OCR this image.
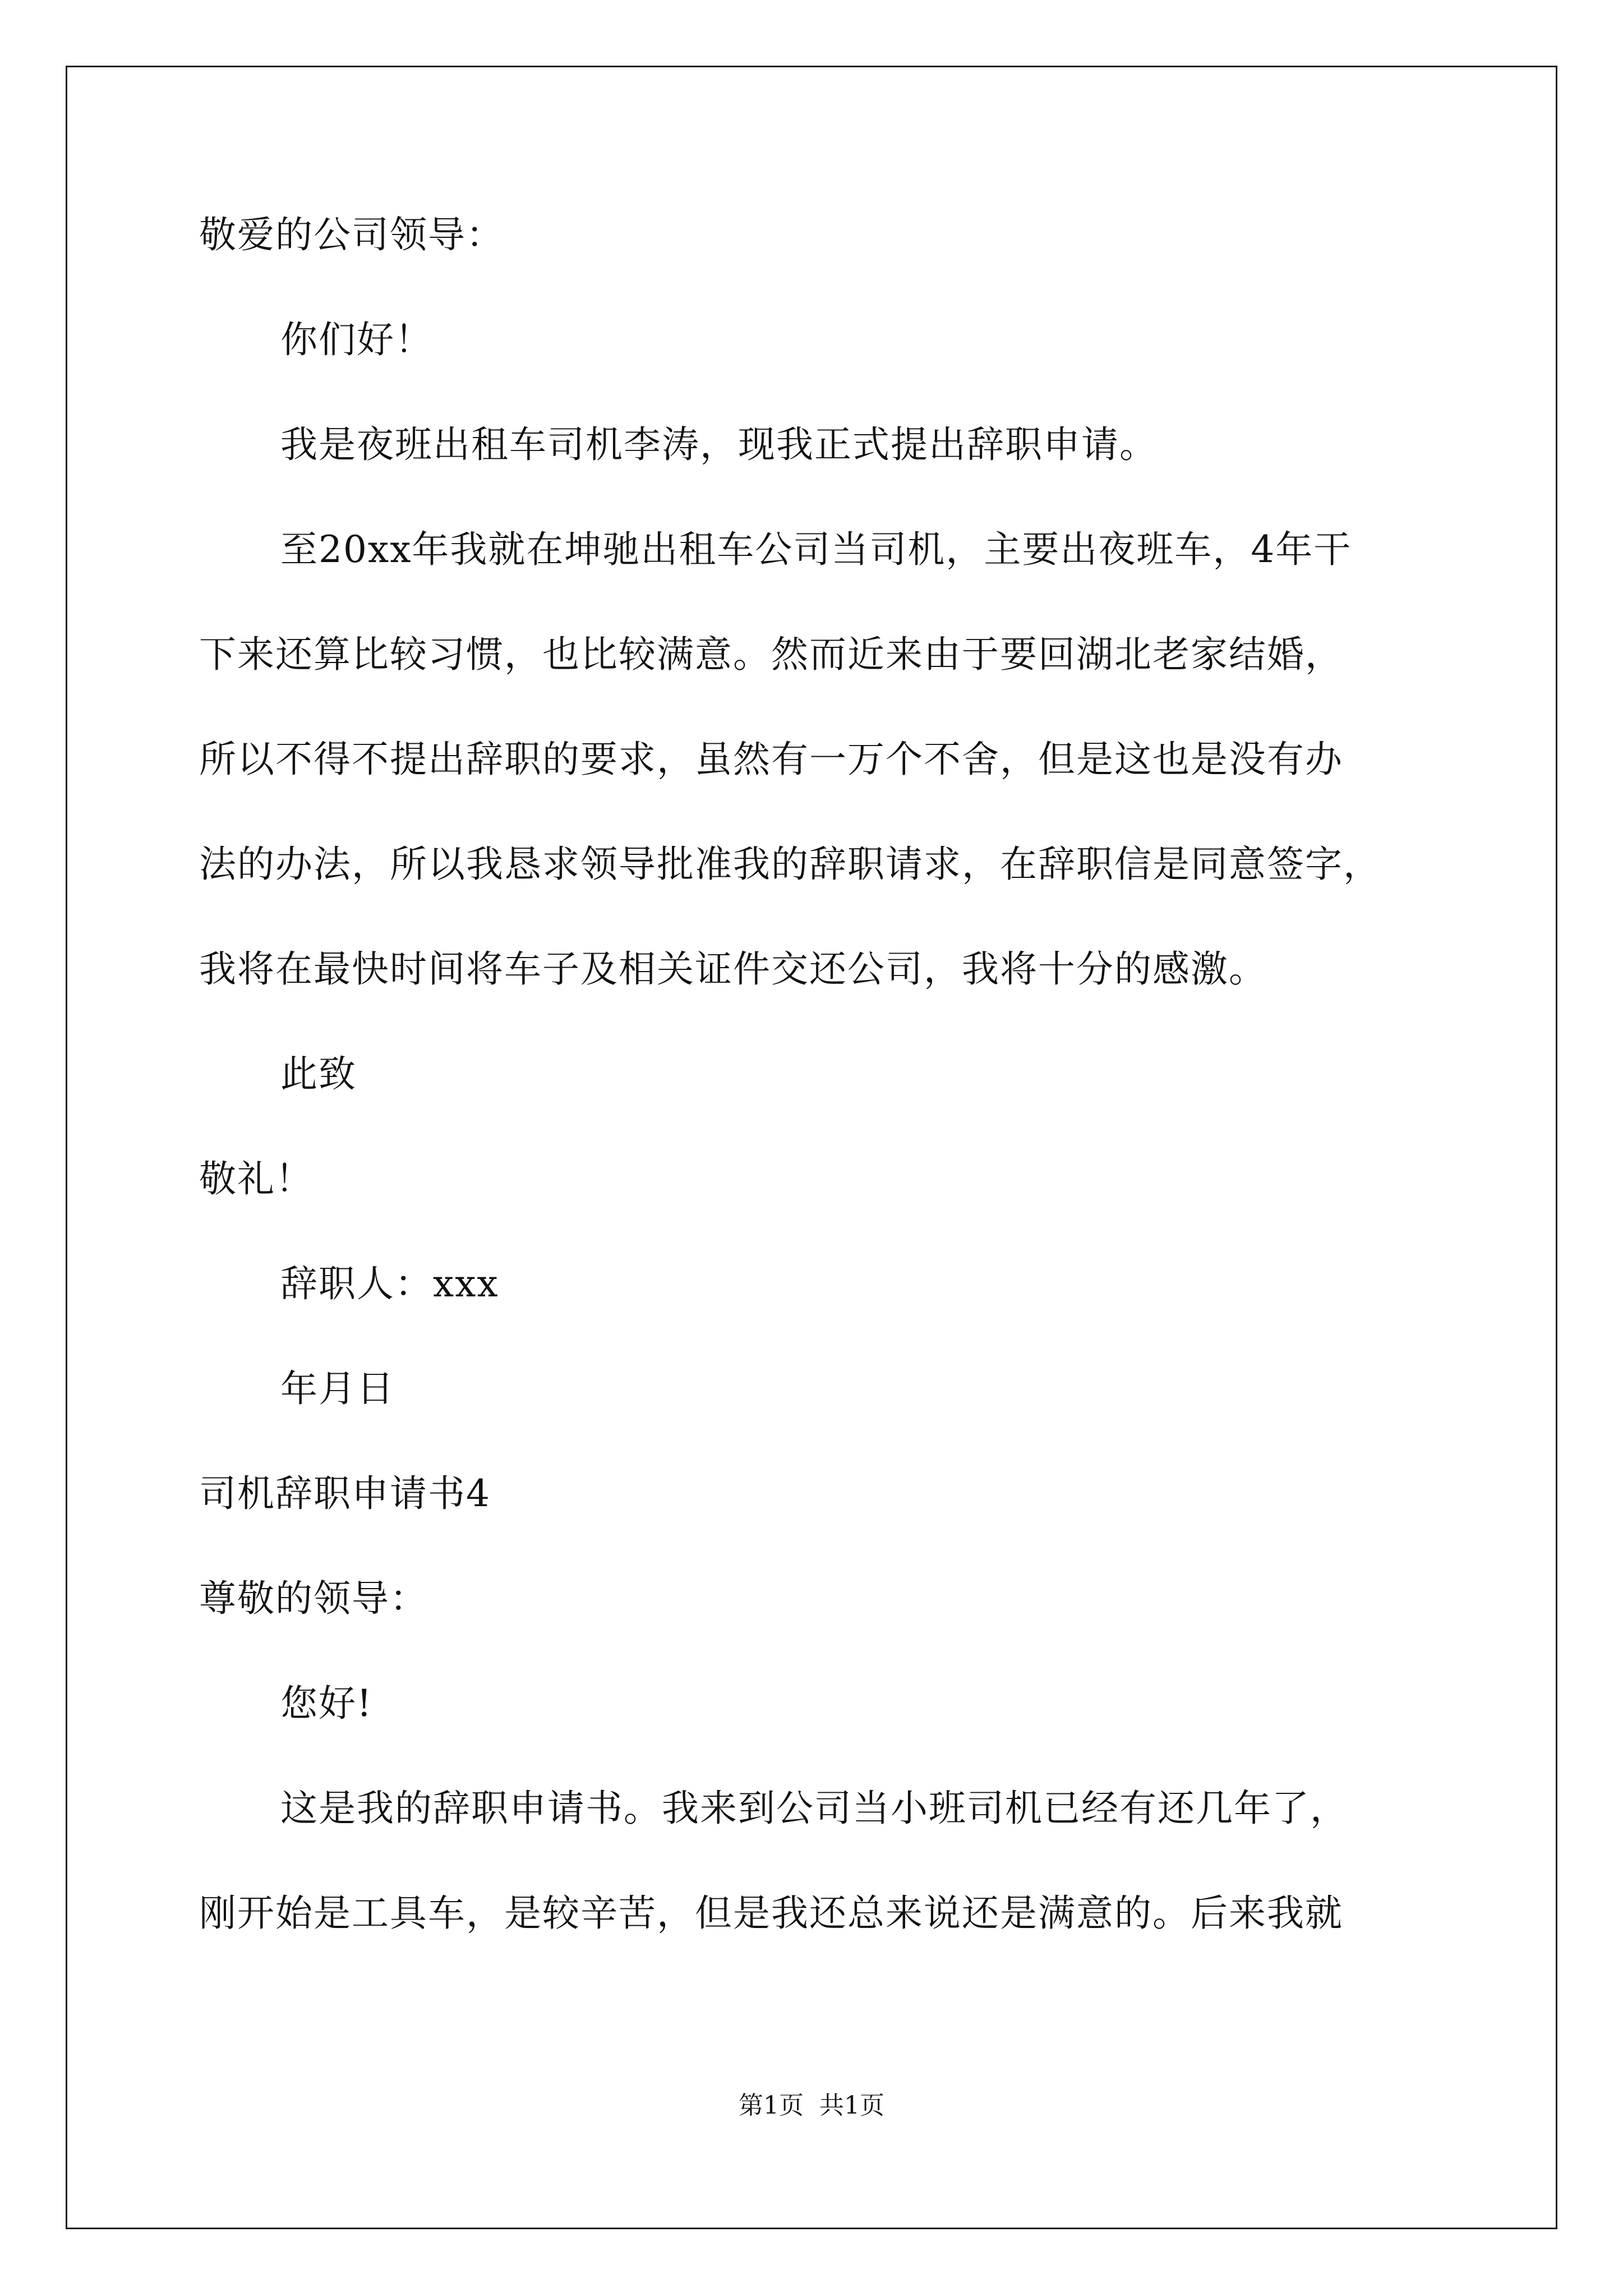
敬爱的公司领导：
你们好！
我是夜班出租车司机李涛，现我正式提出辞职申请。
至20xx年我就在坤驰出租车公司当司机，主要出夜班车，4年干
下来还算比较习惯，也比较满意。然而近来由于要回湖北老家结婚，
所以不得不提出辞职的要求，虽然有一万个不舍，但是这也是没有办
法的办法，所以我恳求领导批准我的辞职请求，在辞职信是同意签字，
我将在最快时间将车子及相关证件交还公司，我将十分的感激。
此致
敬礼！
辞职人：xxx
年月日
司机辞职申请书4
尊敬的领导：
您好!
这是我的辞职申请书。我来到公司当小班司机已经有还几年了，
刚开始是工具车，是较辛苦，但是我还总来说还是满意的。后来我就
第1页 共1页
